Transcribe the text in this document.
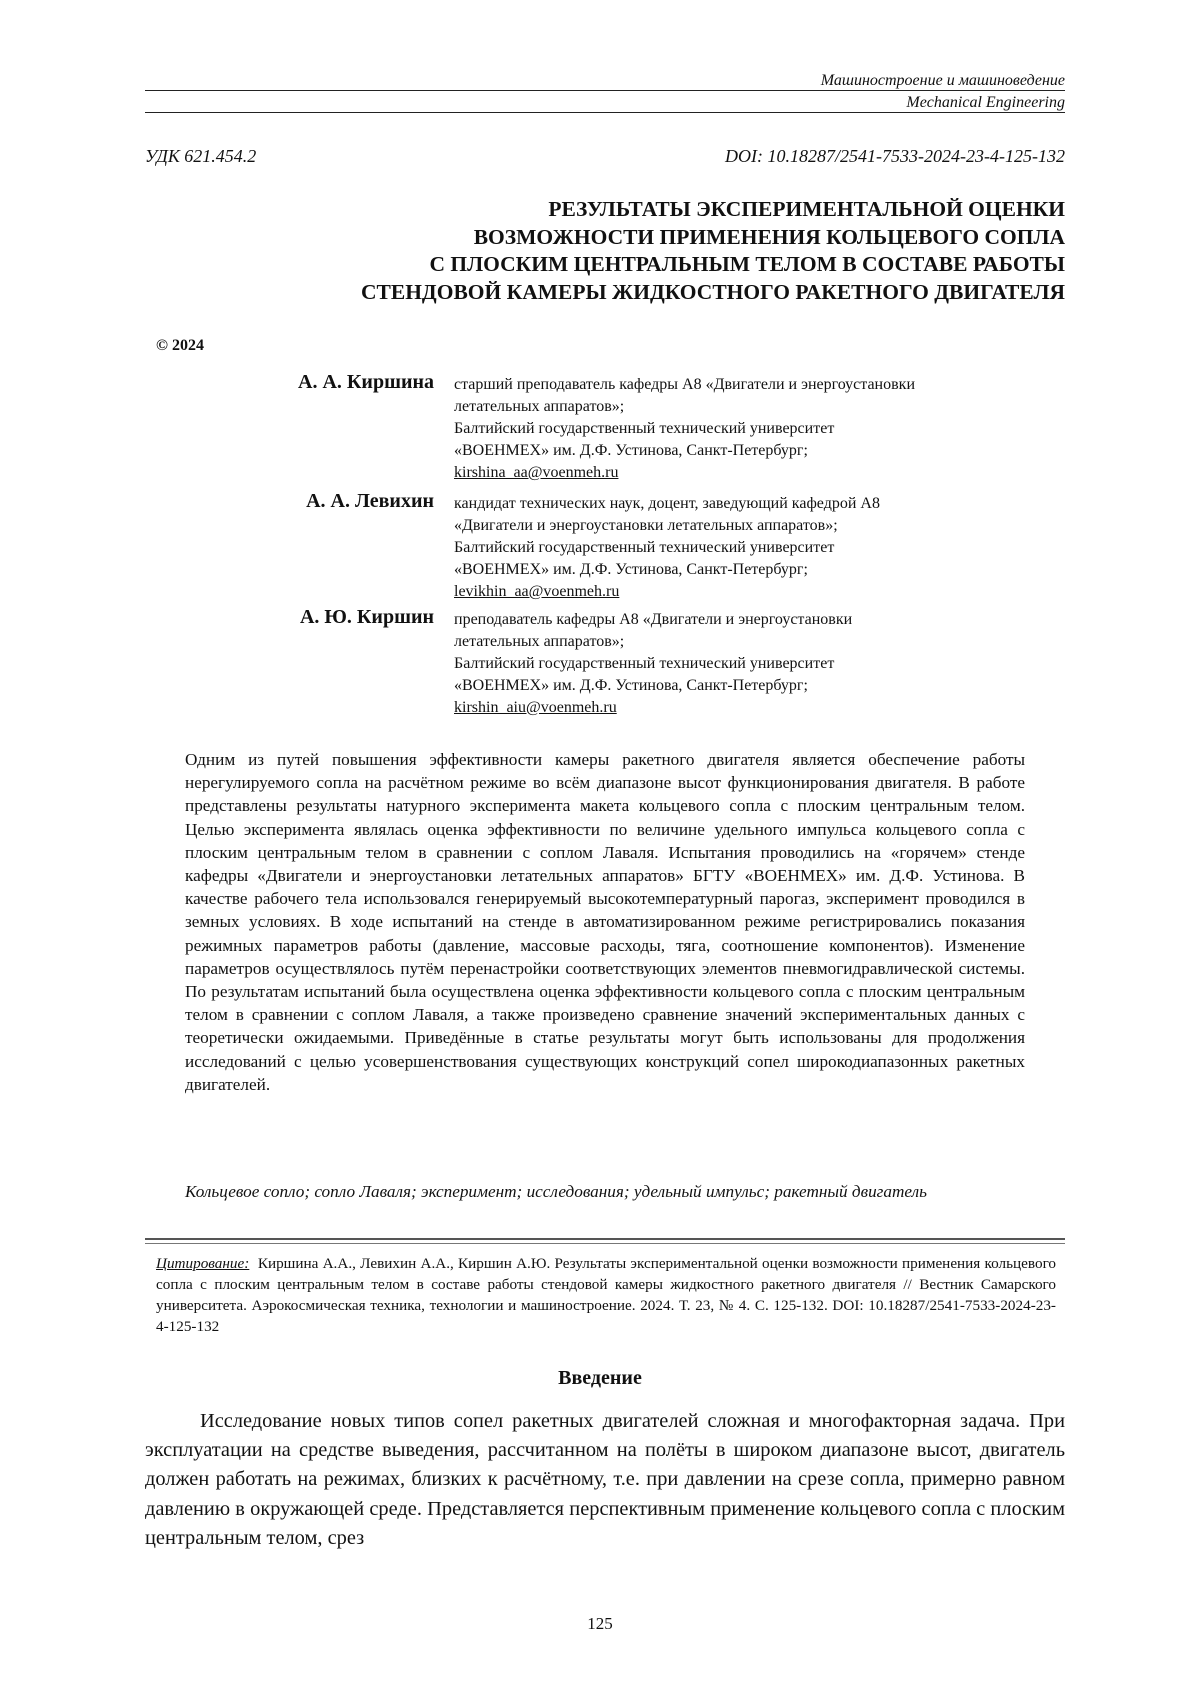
Машиностроение и машиноведение
Mechanical Engineering
УДК 621.454.2	DOI: 10.18287/2541-7533-2024-23-4-125-132
РЕЗУЛЬТАТЫ ЭКСПЕРИМЕНТАЛЬНОЙ ОЦЕНКИ
ВОЗМОЖНОСТИ ПРИМЕНЕНИЯ КОЛЬЦЕВОГО СОПЛА
С ПЛОСКИМ ЦЕНТРАЛЬНЫМ ТЕЛОМ В СОСТАВЕ РАБОТЫ
СТЕНДОВОЙ КАМЕРЫ ЖИДКОСТНОГО РАКЕТНОГО ДВИГАТЕЛЯ
© 2024
А. А. Киршина старший преподаватель кафедры А8 «Двигатели и энергоустановки
летательных аппаратов»;
Балтийский государственный технический университет
«ВОЕНМЕХ» им. Д.Ф. Устинова, Санкт-Петербург;
kirshina_aa@voenmeh.ru
А. А. Левихин кандидат технических наук, доцент, заведующий кафедрой А8
«Двигатели и энергоустановки летательных аппаратов»;
Балтийский государственный технический университет
«ВОЕНМЕХ» им. Д.Ф. Устинова, Санкт-Петербург;
levikhin_aa@voenmeh.ru
А. Ю. Киршин преподаватель кафедры А8 «Двигатели и энергоустановки
летательных аппаратов»;
Балтийский государственный технический университет
«ВОЕНМЕХ» им. Д.Ф. Устинова, Санкт-Петербург;
kirshin_aiu@voenmeh.ru
Одним из путей повышения эффективности камеры ракетного двигателя является обеспечение работы нерегулируемого сопла на расчётном режиме во всём диапазоне высот функционирования двигателя. В работе представлены результаты натурного эксперимента макета кольцевого сопла с плоским центральным телом. Целью эксперимента являлась оценка эффективности по величине удельного импульса кольцевого сопла с плоским центральным телом в сравнении с соплом Лаваля. Испытания проводились на «горячем» стенде кафедры «Двигатели и энергоустановки летательных аппаратов» БГТУ «ВОЕНМЕХ» им. Д.Ф. Устинова. В качестве рабочего тела использовался генерируемый высокотемпературный парогаз, эксперимент проводился в земных условиях. В ходе испытаний на стенде в автоматизированном режиме регистрировались показания режимных параметров работы (давление, массовые расходы, тяга, соотношение компонентов). Изменение параметров осуществлялось путём перенастройки соответствующих элементов пневмогидравлической системы. По результатам испытаний была осуществлена оценка эффективности кольцевого сопла с плоским центральным телом в сравнении с соплом Лаваля, а также произведено сравнение значений экспериментальных данных с теоретически ожидаемыми. Приведённые в статье результаты могут быть использованы для продолжения исследований с целью усовершенствования существующих конструкций сопел широкодиапазонных ракетных двигателей.
Кольцевое сопло; сопло Лаваля; эксперимент; исследования; удельный импульс; ракетный двигатель
Цитирование: Киршина А.А., Левихин А.А., Киршин А.Ю. Результаты экспериментальной оценки возможности применения кольцевого сопла с плоским центральным телом в составе работы стендовой камеры жидкостного ракетного двигателя // Вестник Самарского университета. Аэрокосмическая техника, технологии и машиностроение. 2024. Т. 23, № 4. С. 125-132. DOI: 10.18287/2541-7533-2024-23-4-125-132
Введение

Исследование новых типов сопел ракетных двигателей сложная и многофакторная задача. При эксплуатации на средстве выведения, рассчитанном на полёты в широком диапазоне высот, двигатель должен работать на режимах, близких к расчётному, т.е. при давлении на срезе сопла, примерно равном давлению в окружающей среде. Представляется перспективным применение кольцевого сопла с плоским центральным телом, срез

125
